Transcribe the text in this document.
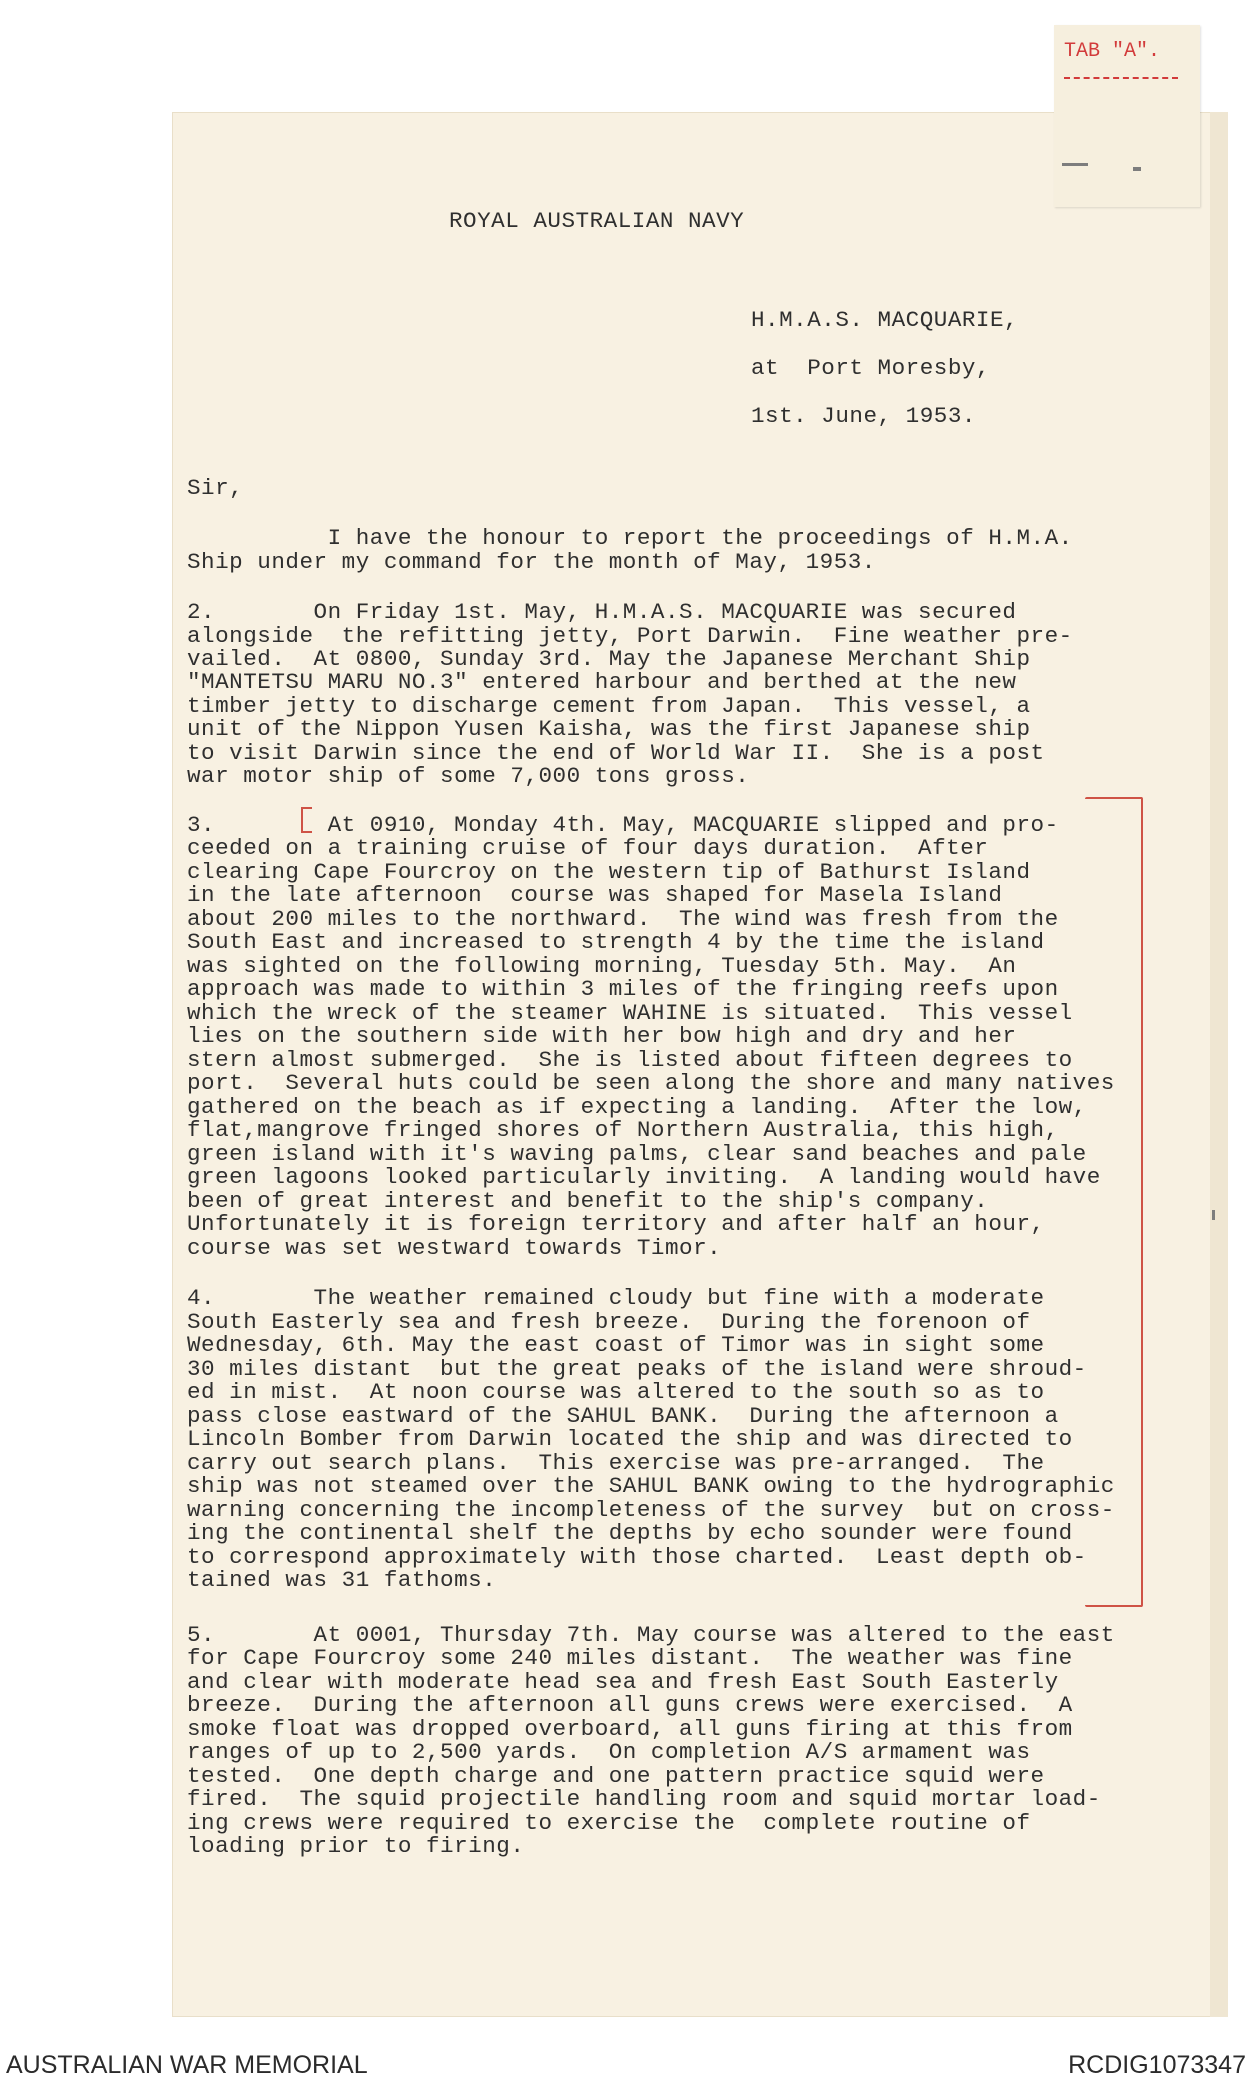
TAB "A".
ROYAL AUSTRALIAN NAVY
H.M.A.S. MACQUARIE,
at  Port Moresby,
1st. June, 1953.
Sir,
I have the honour to report the proceedings of H.M.A.
Ship under my command for the month of May, 1953.
2.       On Friday 1st. May, H.M.A.S. MACQUARIE was secured
alongside  the refitting jetty, Port Darwin.  Fine weather pre-
vailed.  At 0800, Sunday 3rd. May the Japanese Merchant Ship
"MANTETSU MARU NO.3" entered harbour and berthed at the new
timber jetty to discharge cement from Japan.  This vessel, a
unit of the Nippon Yusen Kaisha, was the first Japanese ship
to visit Darwin since the end of World War II.  She is a post
war motor ship of some 7,000 tons gross.
3.        At 0910, Monday 4th. May, MACQUARIE slipped and pro-
ceeded on a training cruise of four days duration.  After
clearing Cape Fourcroy on the western tip of Bathurst Island
in the late afternoon  course was shaped for Masela Island
about 200 miles to the northward.  The wind was fresh from the
South East and increased to strength 4 by the time the island
was sighted on the following morning, Tuesday 5th. May.  An
approach was made to within 3 miles of the fringing reefs upon
which the wreck of the steamer WAHINE is situated.  This vessel
lies on the southern side with her bow high and dry and her
stern almost submerged.  She is listed about fifteen degrees to
port.  Several huts could be seen along the shore and many natives
gathered on the beach as if expecting a landing.  After the low,
flat,mangrove fringed shores of Northern Australia, this high,
green island with it's waving palms, clear sand beaches and pale
green lagoons looked particularly inviting.  A landing would have
been of great interest and benefit to the ship's company.
Unfortunately it is foreign territory and after half an hour,
course was set westward towards Timor.
4.       The weather remained cloudy but fine with a moderate
South Easterly sea and fresh breeze.  During the forenoon of
Wednesday, 6th. May the east coast of Timor was in sight some
30 miles distant  but the great peaks of the island were shroud-
ed in mist.  At noon course was altered to the south so as to
pass close eastward of the SAHUL BANK.  During the afternoon a
Lincoln Bomber from Darwin located the ship and was directed to
carry out search plans.  This exercise was pre-arranged.  The
ship was not steamed over the SAHUL BANK owing to the hydrographic
warning concerning the incompleteness of the survey  but on cross-
ing the continental shelf the depths by echo sounder were found
to correspond approximately with those charted.  Least depth ob-
tained was 31 fathoms.
5.       At 0001, Thursday 7th. May course was altered to the east
for Cape Fourcroy some 240 miles distant.  The weather was fine
and clear with moderate head sea and fresh East South Easterly
breeze.  During the afternoon all guns crews were exercised.  A
smoke float was dropped overboard, all guns firing at this from
ranges of up to 2,500 yards.  On completion A/S armament was
tested.  One depth charge and one pattern practice squid were
fired.  The squid projectile handling room and squid mortar load-
ing crews were required to exercise the  complete routine of
loading prior to firing.
AUSTRALIAN WAR MEMORIAL	RCDIG1073347
